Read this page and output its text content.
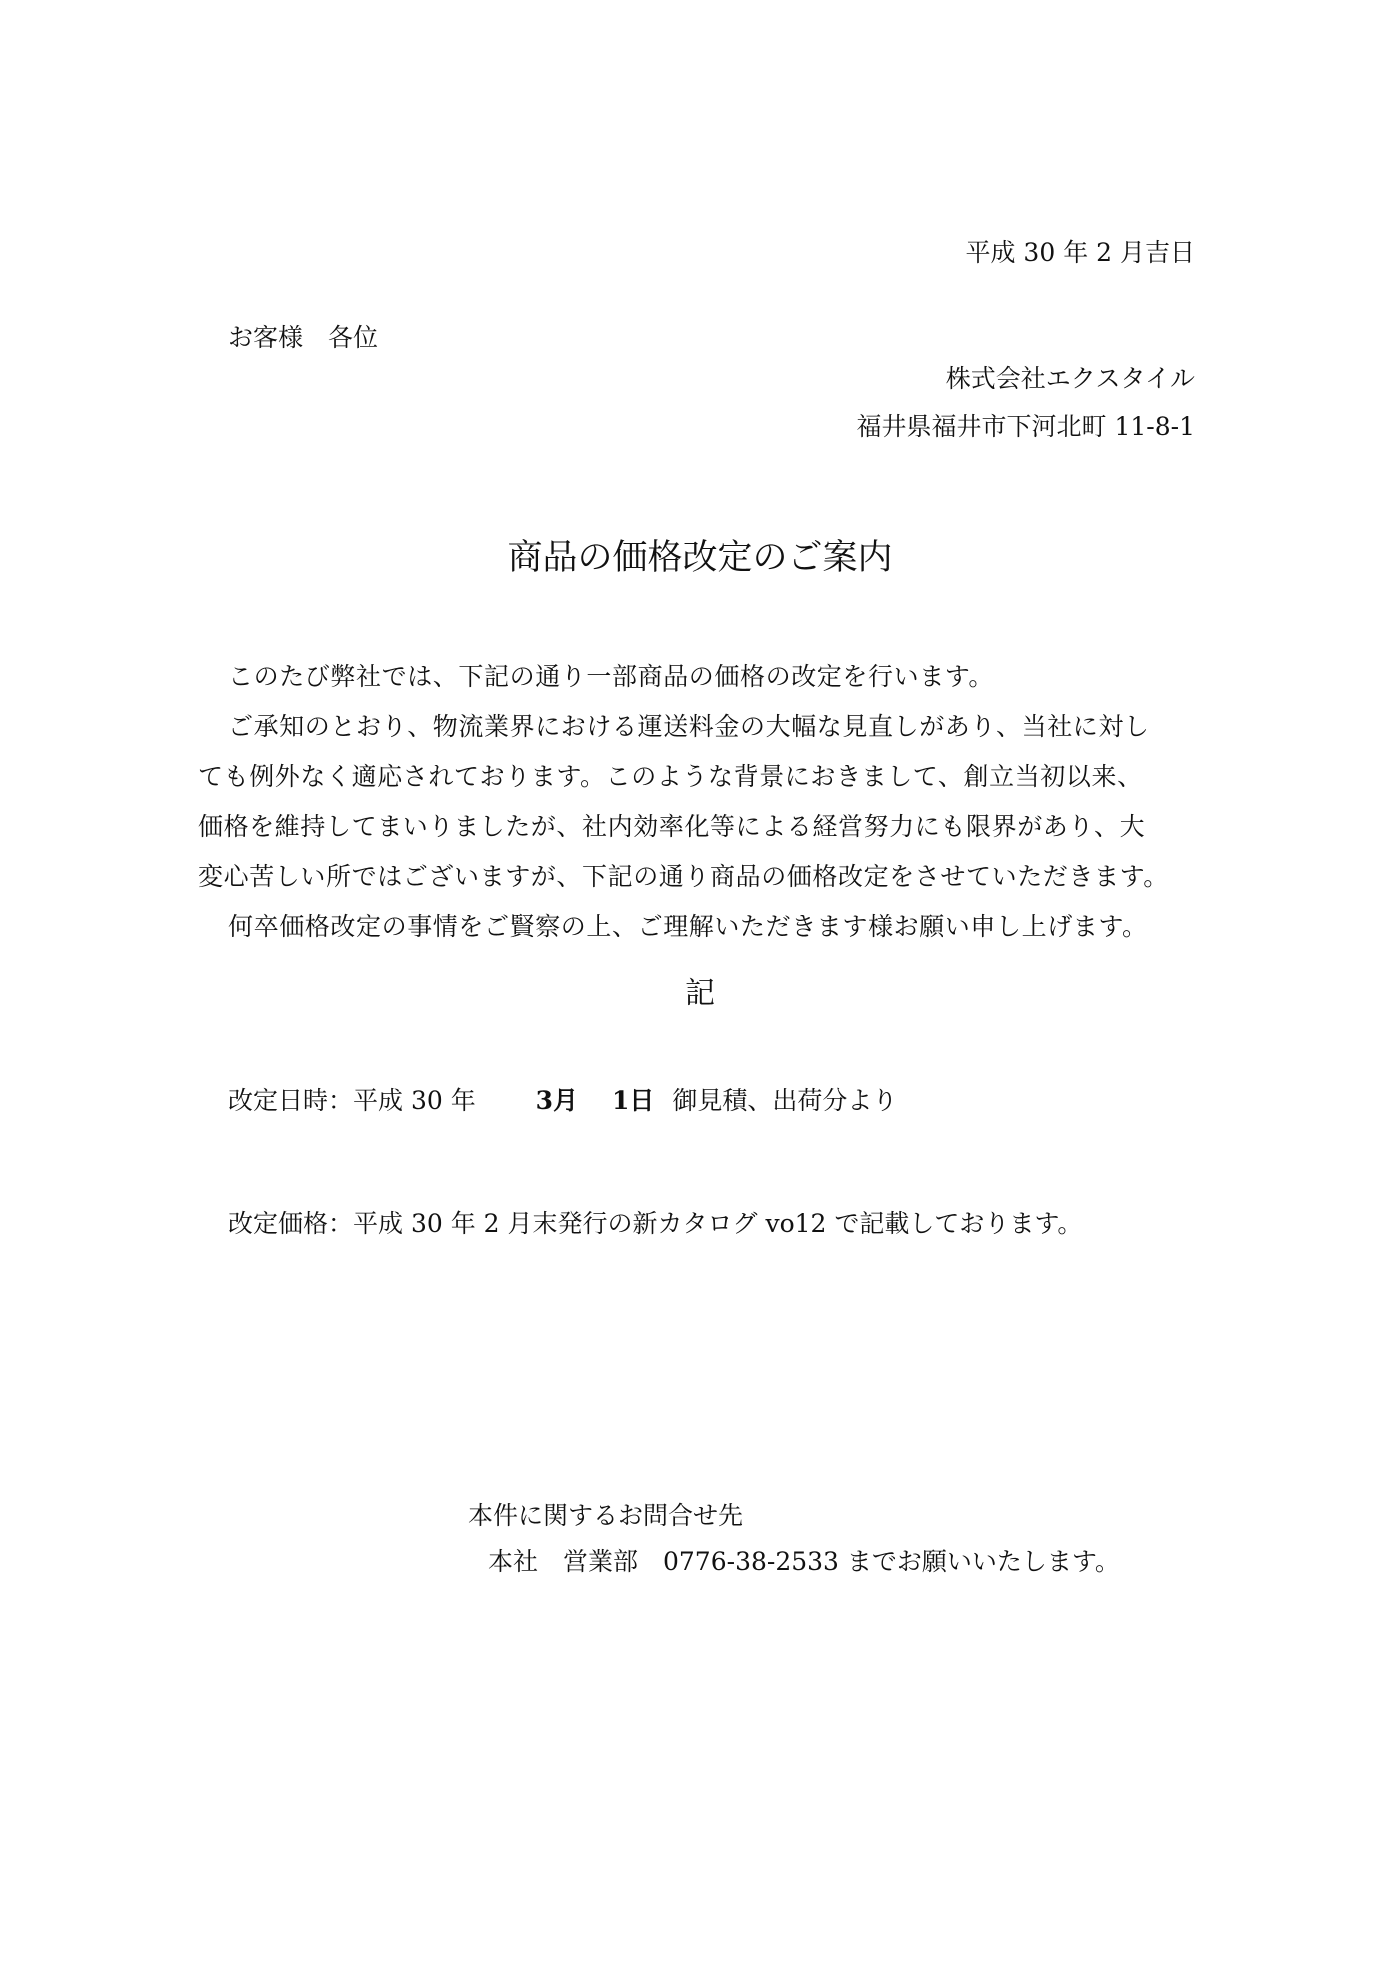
平成 30 年 2 月吉日
お客様　各位
株式会社エクスタイル
福井県福井市下河北町 11-8-1
商品の価格改定のご案内
このたび弊社では、下記の通り一部商品の価格の改定を行います。
ご承知のとおり、物流業界における運送料金の大幅な見直しがあり、当社に対し
ても例外なく適応されております。このような背景におきまして、創立当初以来、
価格を維持してまいりましたが、社内効率化等による経営努力にも限界があり、大
変心苦しい所ではございますが、下記の通り商品の価格改定をさせていただきます。
何卒価格改定の事情をご賢察の上、ご理解いただきます様お願い申し上げます。
記
改定日時：平成 30 年 3月 1日 御見積、出荷分より
改定価格：平成 30 年 2 月末発行の新カタログ vo12 で記載しております。
本件に関するお問合せ先
本社　営業部　0776-38-2533 までお願いいたします。
